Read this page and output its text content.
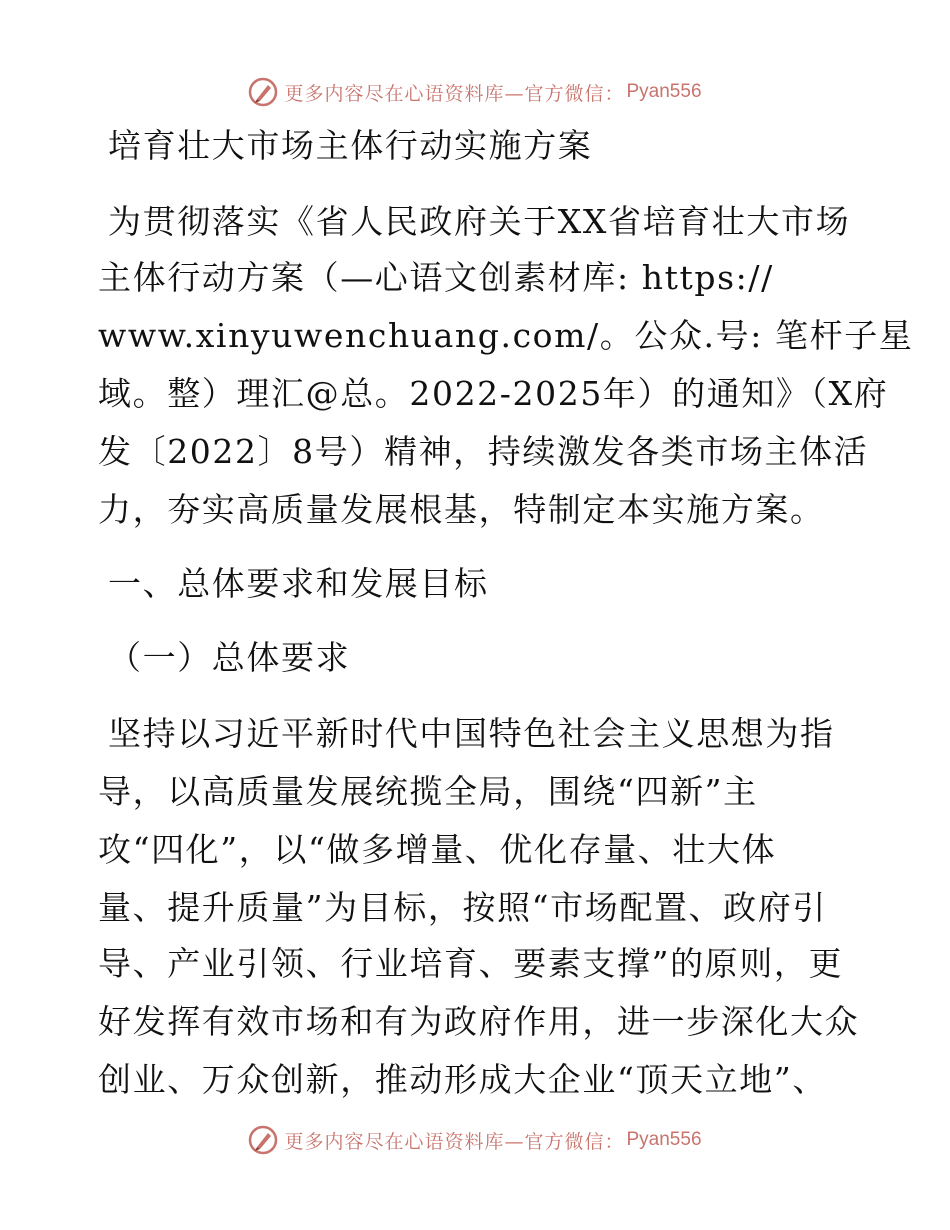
更多内容尽在心语资料库 —官方微信： Pyan556
培育壮大市场主体行动实施方案
为贯彻落实《省人民政府关于XX省培育壮大市场
主体行动方案（—心语文创素材库: https://
www.xinyuwenchuang.com/。公众.号: 笔杆子星
域。整）理汇@总。2022-2025年）的通知》（X府
发〔2022〕8号）精神，持续激发各类市场主体活
力，夯实高质量发展根基，特制定本实施方案。
一、总体要求和发展目标
（一）总体要求
坚持以习近平新时代中国特色社会主义思想为指
导，以高质量发展统揽全局，围绕“四新”主
攻“四化”，以“做多增量、优化存量、壮大体
量、提升质量”为目标，按照“市场配置、政府引
导、产业引领、行业培育、要素支撑”的原则，更
好发挥有效市场和有为政府作用，进一步深化大众
创业、万众创新，推动形成大企业“顶天立地”、
更多内容尽在心语资料库 —官方微信： Pyan556
